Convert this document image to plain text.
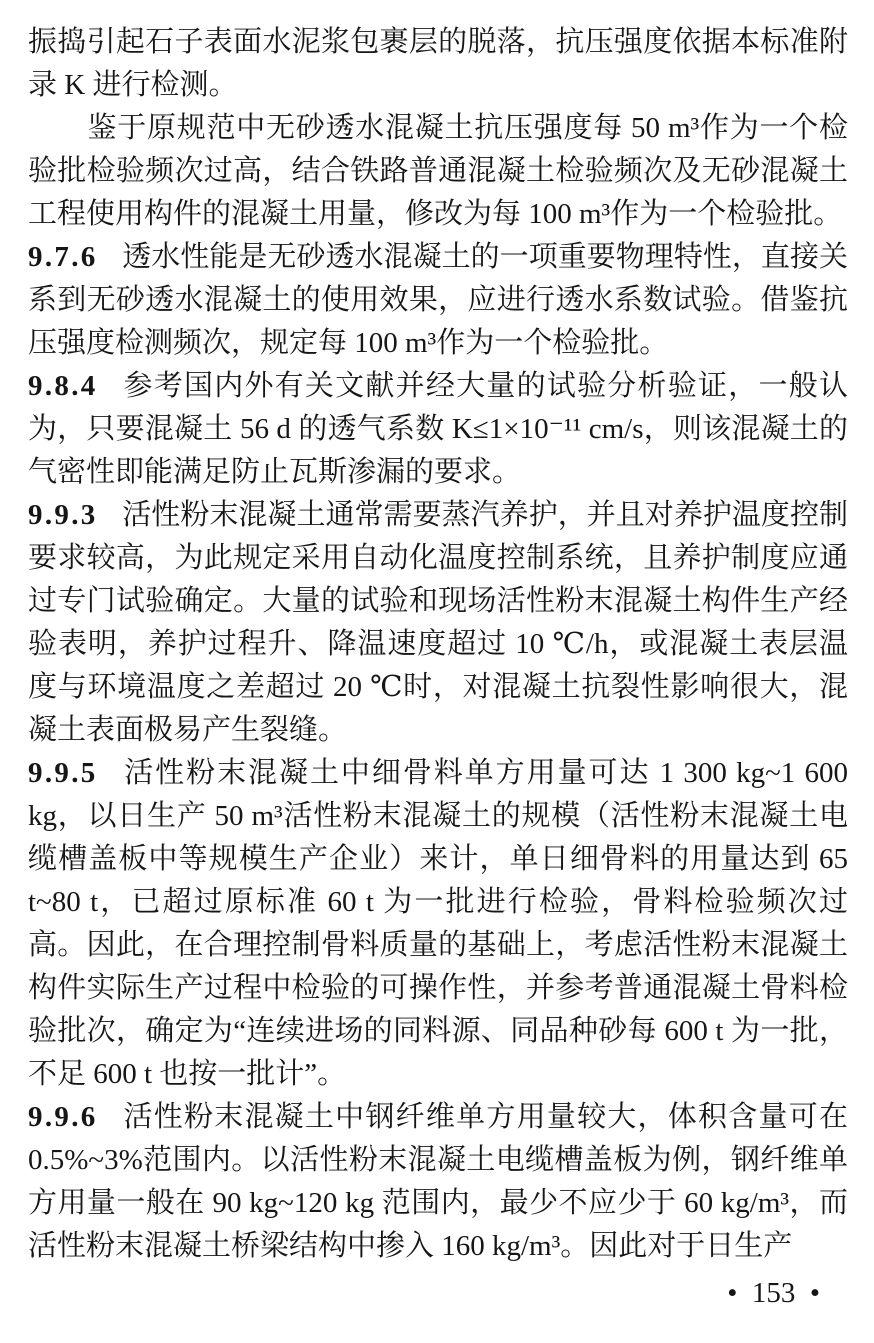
振捣引起石子表面水泥浆包裹层的脱落，抗压强度依据本标准附录 K 进行检测。

鉴于原规范中无砂透水混凝土抗压强度每 50 m³作为一个检验批检验频次过高，结合铁路普通混凝土检验频次及无砂混凝土工程使用构件的混凝土用量，修改为每 100 m³作为一个检验批。

9.7.6 透水性能是无砂透水混凝土的一项重要物理特性，直接关系到无砂透水混凝土的使用效果，应进行透水系数试验。借鉴抗压强度检测频次，规定每 100 m³作为一个检验批。

9.8.4 参考国内外有关文献并经大量的试验分析验证，一般认为，只要混凝土 56 d 的透气系数 K≤1×10⁻¹¹ cm/s，则该混凝土的气密性即能满足防止瓦斯渗漏的要求。

9.9.3 活性粉末混凝土通常需要蒸汽养护，并且对养护温度控制要求较高，为此规定采用自动化温度控制系统，且养护制度应通过专门试验确定。大量的试验和现场活性粉末混凝土构件生产经验表明，养护过程升、降温速度超过 10 ℃/h，或混凝土表层温度与环境温度之差超过 20 ℃时，对混凝土抗裂性影响很大，混凝土表面极易产生裂缝。

9.9.5 活性粉末混凝土中细骨料单方用量可达 1 300 kg~1 600 kg，以日生产 50 m³活性粉末混凝土的规模（活性粉末混凝土电缆槽盖板中等规模生产企业）来计，单日细骨料的用量达到 65 t~80 t，已超过原标准 60 t 为一批进行检验，骨料检验频次过高。因此，在合理控制骨料质量的基础上，考虑活性粉末混凝土构件实际生产过程中检验的可操作性，并参考普通混凝土骨料检验批次，确定为“连续进场的同料源、同品种砂每 600 t 为一批，不足 600 t 也按一批计”。

9.9.6 活性粉末混凝土中钢纤维单方用量较大，体积含量可在 0.5%~3%范围内。以活性粉末混凝土电缆槽盖板为例，钢纤维单方用量一般在 90 kg~120 kg 范围内，最少不应少于 60 kg/m³，而活性粉末混凝土桥梁结构中掺入 160 kg/m³。因此对于日生产

•  153  •
